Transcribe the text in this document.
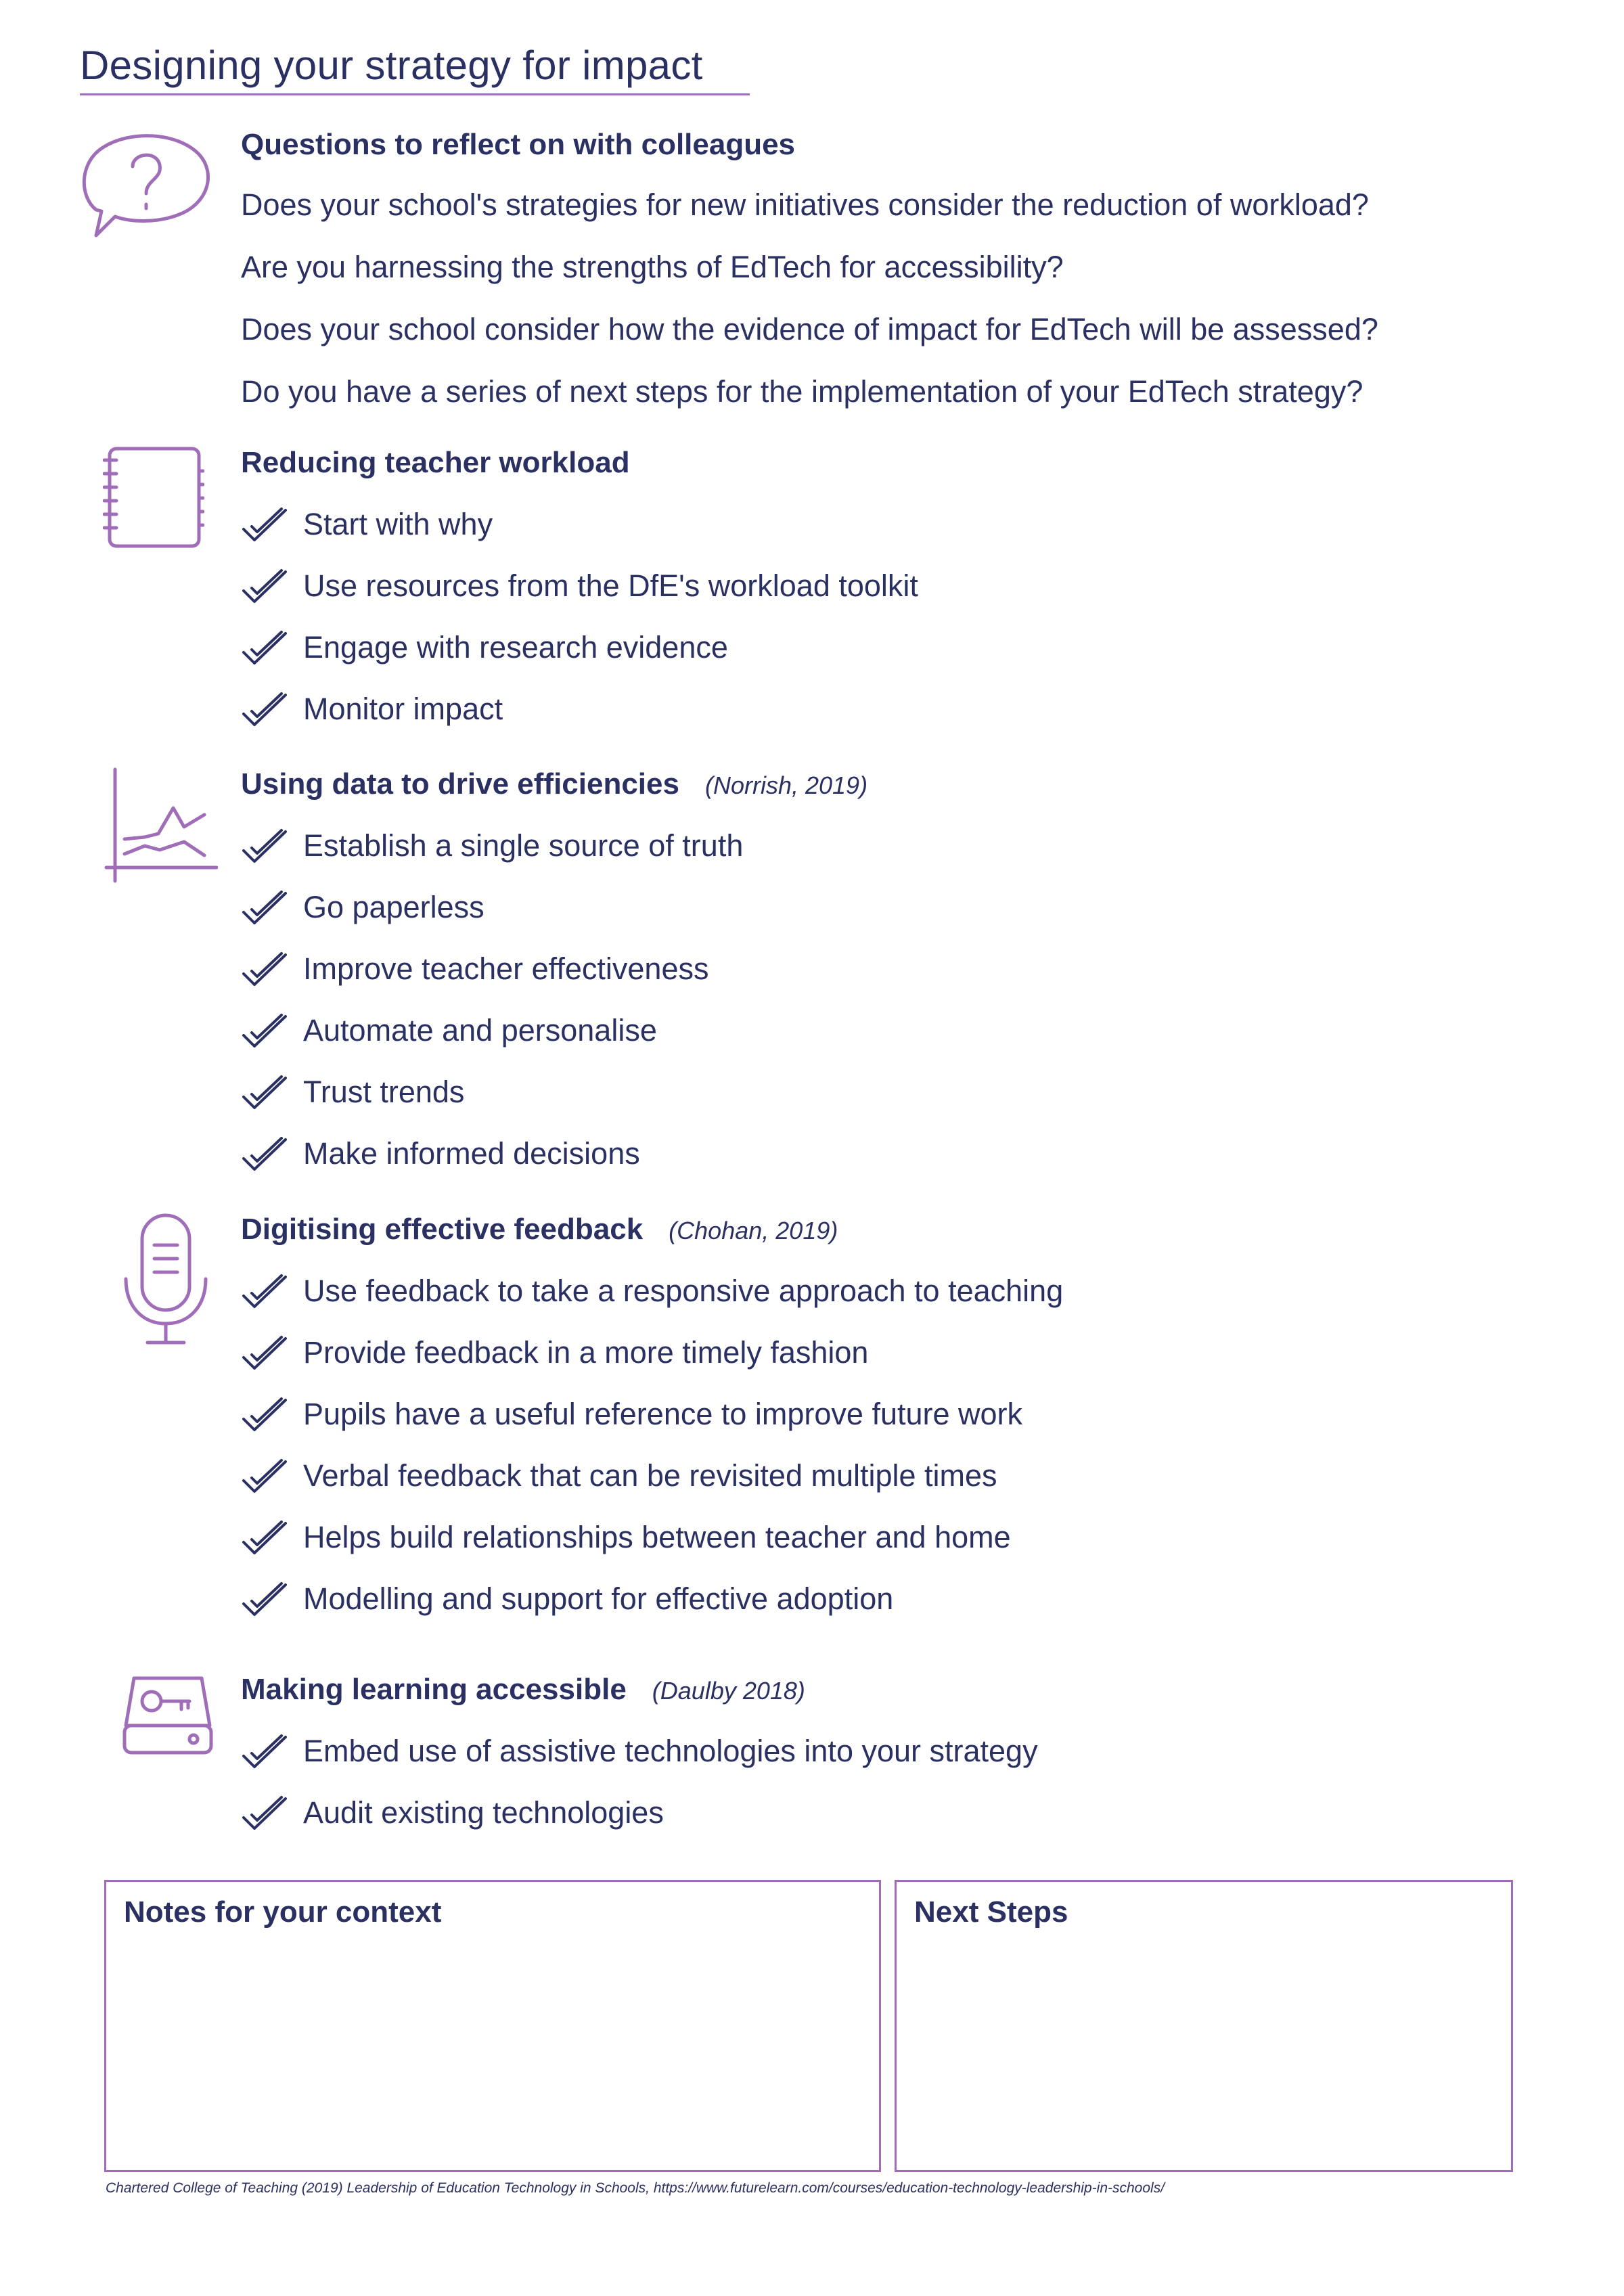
Designing your strategy for impact
Questions to reflect on with colleagues
Does your school's strategies for new initiatives consider the reduction of workload?
Are you harnessing the strengths of EdTech for accessibility?
Does your school consider how the evidence of impact for EdTech will be assessed?
Do you have a series of next steps for the implementation of your EdTech strategy?
Reducing teacher workload
Start with why
Use resources from the DfE's workload toolkit
Engage with research evidence
Monitor impact
Using data to drive efficiencies (Norrish, 2019)
Establish a single source of truth
Go paperless
Improve teacher effectiveness
Automate and personalise
Trust trends
Make informed decisions
Digitising effective feedback (Chohan, 2019)
Use feedback to take a responsive approach to teaching
Provide feedback in a more timely fashion
Pupils have a useful reference to improve future work
Verbal feedback that can be revisited multiple times
Helps build relationships between teacher and home
Modelling and support for effective adoption
Making learning accessible (Daulby 2018)
Embed use of assistive technologies into your strategy
Audit existing technologies
Notes for your context	Next Steps
Chartered College of Teaching (2019) Leadership of Education Technology in Schools, https://www.futurelearn.com/courses/education-technology-leadership-in-schools/
